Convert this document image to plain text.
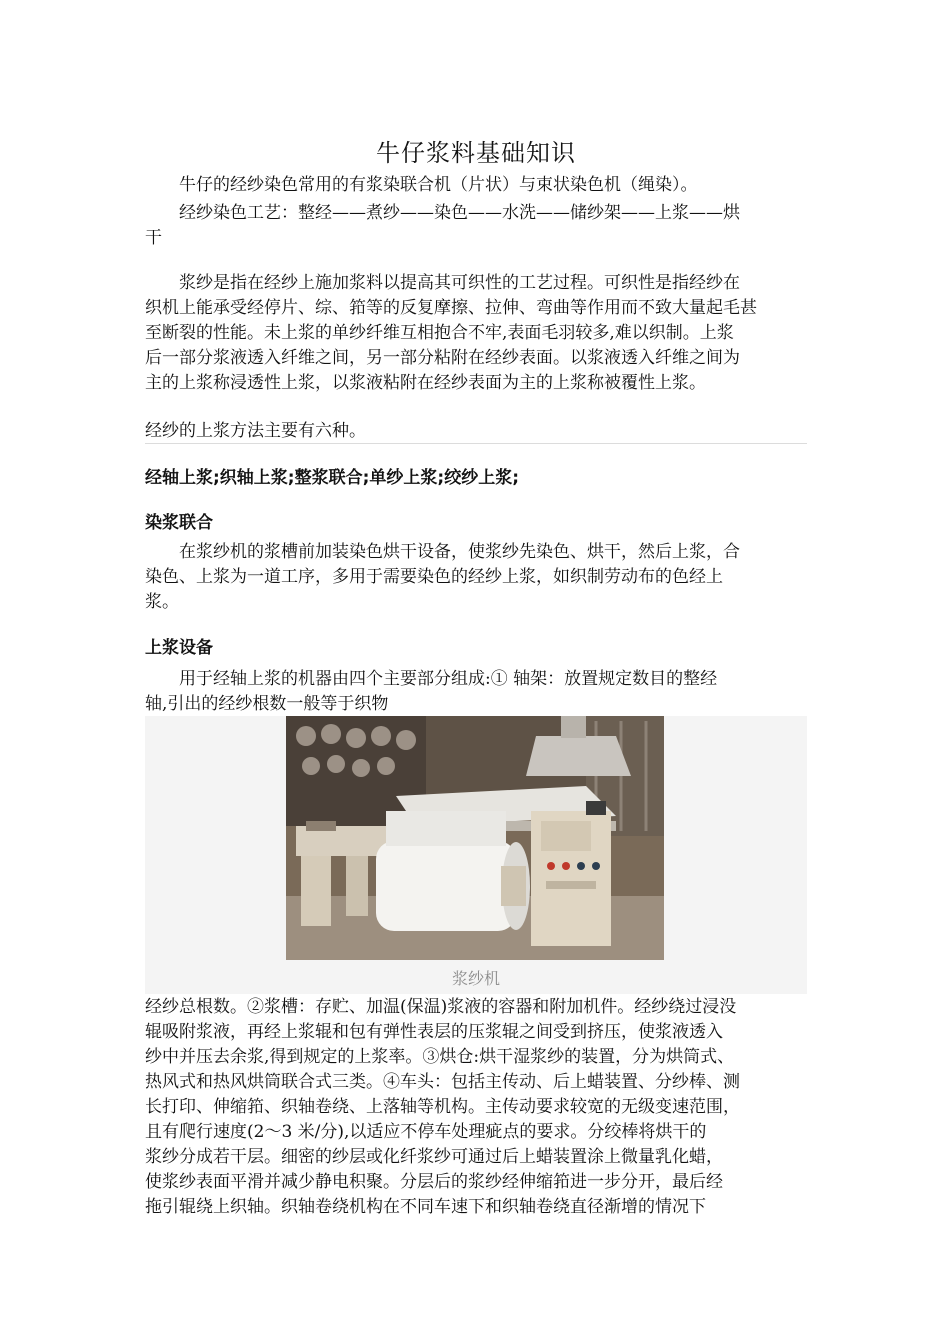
牛仔浆料基础知识
牛仔的经纱染色常用的有浆染联合机（片状）与束状染色机（绳染）。
经纱染色工艺：整经——煮纱——染色——水洗——储纱架——上浆——烘
干
浆纱是指在经纱上施加浆料以提高其可织性的工艺过程。可织性是指经纱在
织机上能承受经停片、综、筘等的反复摩擦、拉伸、弯曲等作用而不致大量起毛甚
至断裂的性能。未上浆的单纱纤维互相抱合不牢,表面毛羽较多,难以织制。上浆
后一部分浆液透入纤维之间，另一部分粘附在经纱表面。以浆液透入纤维之间为
主的上浆称浸透性上浆，以浆液粘附在经纱表面为主的上浆称被覆性上浆。
经纱的上浆方法主要有六种。
经轴上浆;织轴上浆;整浆联合;单纱上浆;绞纱上浆;
染浆联合
在浆纱机的浆槽前加装染色烘干设备，使浆纱先染色、烘干，然后上浆，合
染色、上浆为一道工序，多用于需要染色的经纱上浆，如织制劳动布的色经上
浆。
上浆设备
用于经轴上浆的机器由四个主要部分组成:① 轴架：放置规定数目的整经
轴,引出的经纱根数一般等于织物
浆纱机
经纱总根数。②浆槽：存贮、加温(保温)浆液的容器和附加机件。经纱绕过浸没
辊吸附浆液，再经上浆辊和包有弹性表层的压浆辊之间受到挤压，使浆液透入
纱中并压去余浆,得到规定的上浆率。③烘仓:烘干湿浆纱的装置，分为烘筒式、
热风式和热风烘筒联合式三类。④车头：包括主传动、后上蜡装置、分纱棒、测
长打印、伸缩筘、织轴卷绕、上落轴等机构。主传动要求较宽的无级变速范围，
且有爬行速度(2～3 米/分),以适应不停车处理疵点的要求。分绞棒将烘干的
浆纱分成若干层。细密的纱层或化纤浆纱可通过后上蜡装置涂上微量乳化蜡，
使浆纱表面平滑并减少静电积聚。分层后的浆纱经伸缩筘进一步分开，最后经
拖引辊绕上织轴。织轴卷绕机构在不同车速下和织轴卷绕直径渐增的情况下
